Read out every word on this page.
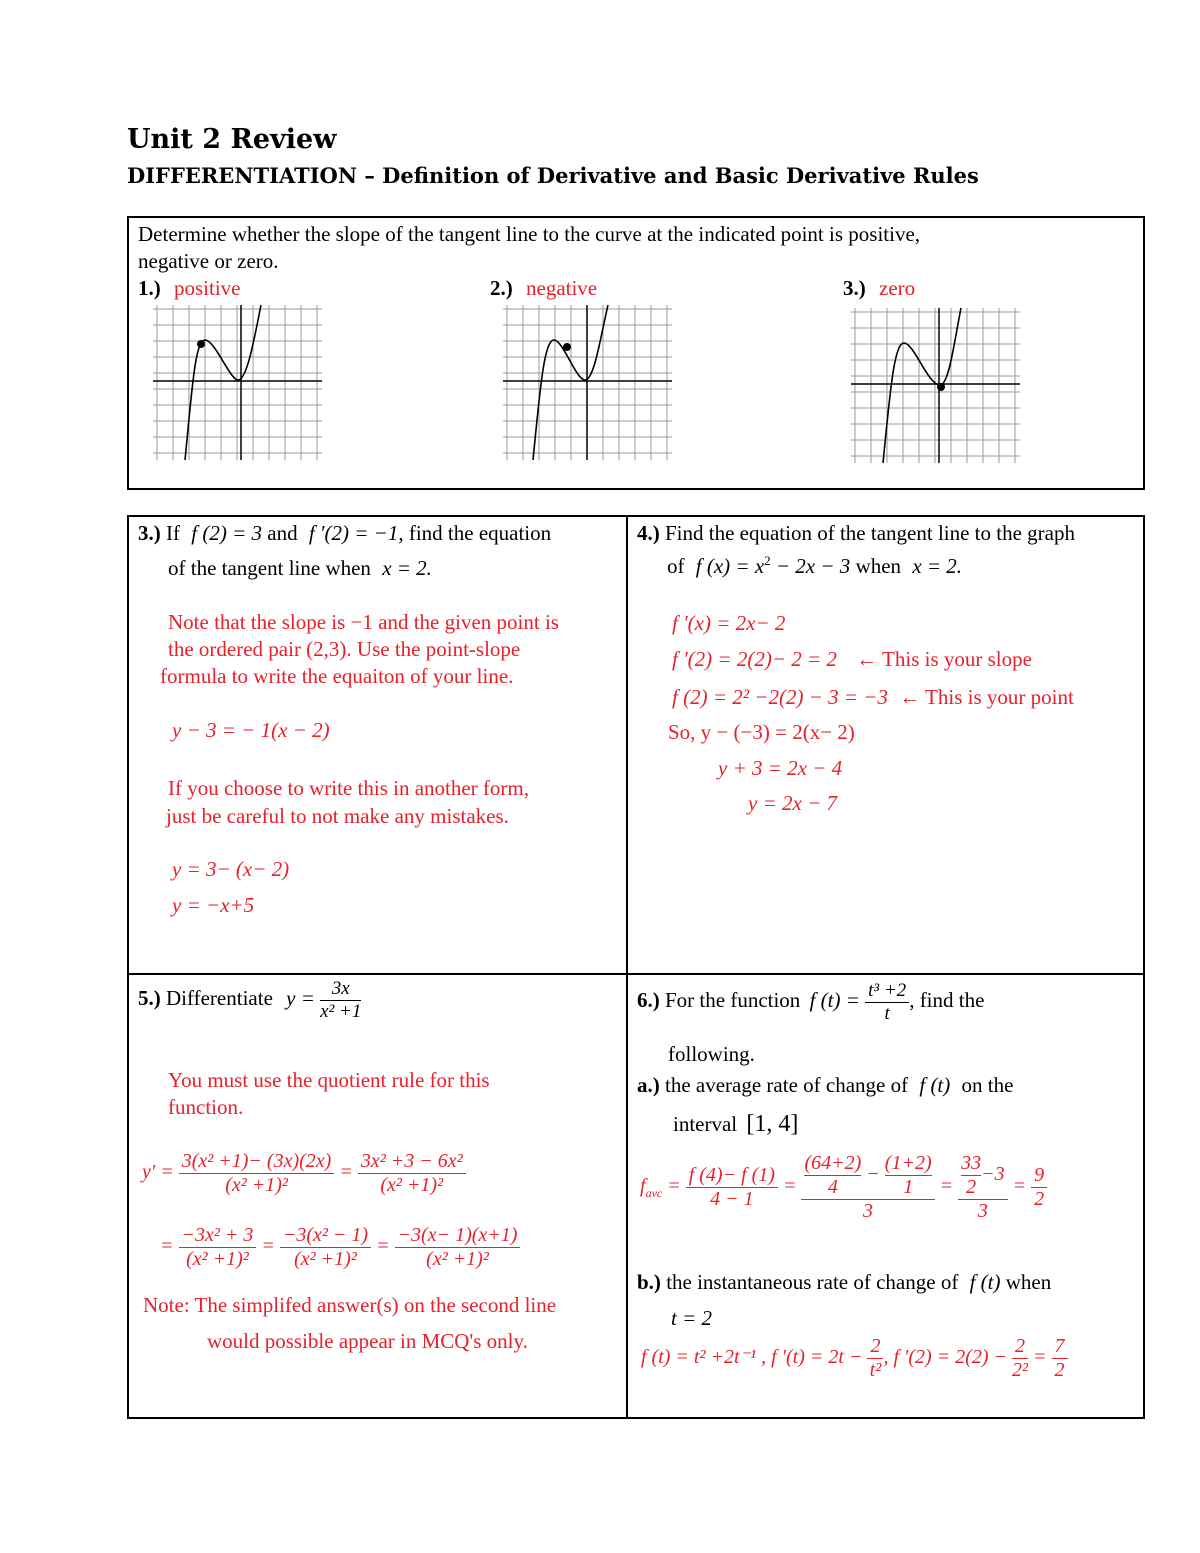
Unit 2 Review
DIFFERENTIATION – Definition of Derivative and Basic Derivative Rules
Determine whether the slope of the tangent line to the curve at the indicated point is positive,
negative or zero.
1.) positive	2.) negative	3.) zero
3.) If f (2) = 3 and f ′(2) = −1, find the equation
of the tangent line when x = 2.
Note that the slope is −1 and the given point is
the ordered pair (2,3). Use the point-slope
formula to write the equaiton of your line.
y − 3 = − 1(x − 2)
If you choose to write this in another form,
just be careful to not make any mistakes.
y = 3− (x− 2)
y = −x+5
4.) Find the equation of the tangent line to the graph
of f $(x) = x^2 - 2x - 3$ when x = 2.
f ′(x) = 2x− 2
f ′(2) = 2(2)− 2 = 2 ← This is your slope
f (2) = 2² −2(2) − 3 = −3 ← This is your point
So, y − (−3) = 2(x− 2)
y + 3 = 2x − 4
y = 2x − 7
5.) Differentiate $y = \frac{3x}{\text{x² +1}}$
You must use the quotient rule for this
function.
$y' = \frac{\text{3(x² +1)− (3x)(2x)}}{\text{(x² +1)²}} = \frac{\text{3x² +3 − 6x²}}{\text{(x² +1)²}}$
= $\frac{\text{−3x² + 3}}{\text{(x² +1)²}} = \frac{\text{−3(x² − 1)}}{\text{(x² +1)²}} = \frac{-3(x- 1)(x+1)}{\text{(x² +1)²}}$
Note: The simplifed answer(s) on the second line
would possible appear in MCQ's only.
6.) For the function f $(t) = \frac{\text{t³ +2}}{t}$ , find the
following.
a.) the average rate of change of f (t) on the
interval [1, 4]
$f_{avc} = \frac{f (4)- f (1)}{4 - 1} = \frac{(64+2)}{4} - \frac{(1+2)}{1}$
3
= $\frac{\frac{33}{2} -3}{3} = \frac{9}{2}$
b.) the instantaneous rate of change of f (t) when
t = 2
f (t) = t² +2t⁻¹ , f $'(t) = 2t - \frac{2}{\text{t²}}$ , f $'(2) = 2(2) - \frac{2}{\text{2²}} = \frac{7}{2}$
